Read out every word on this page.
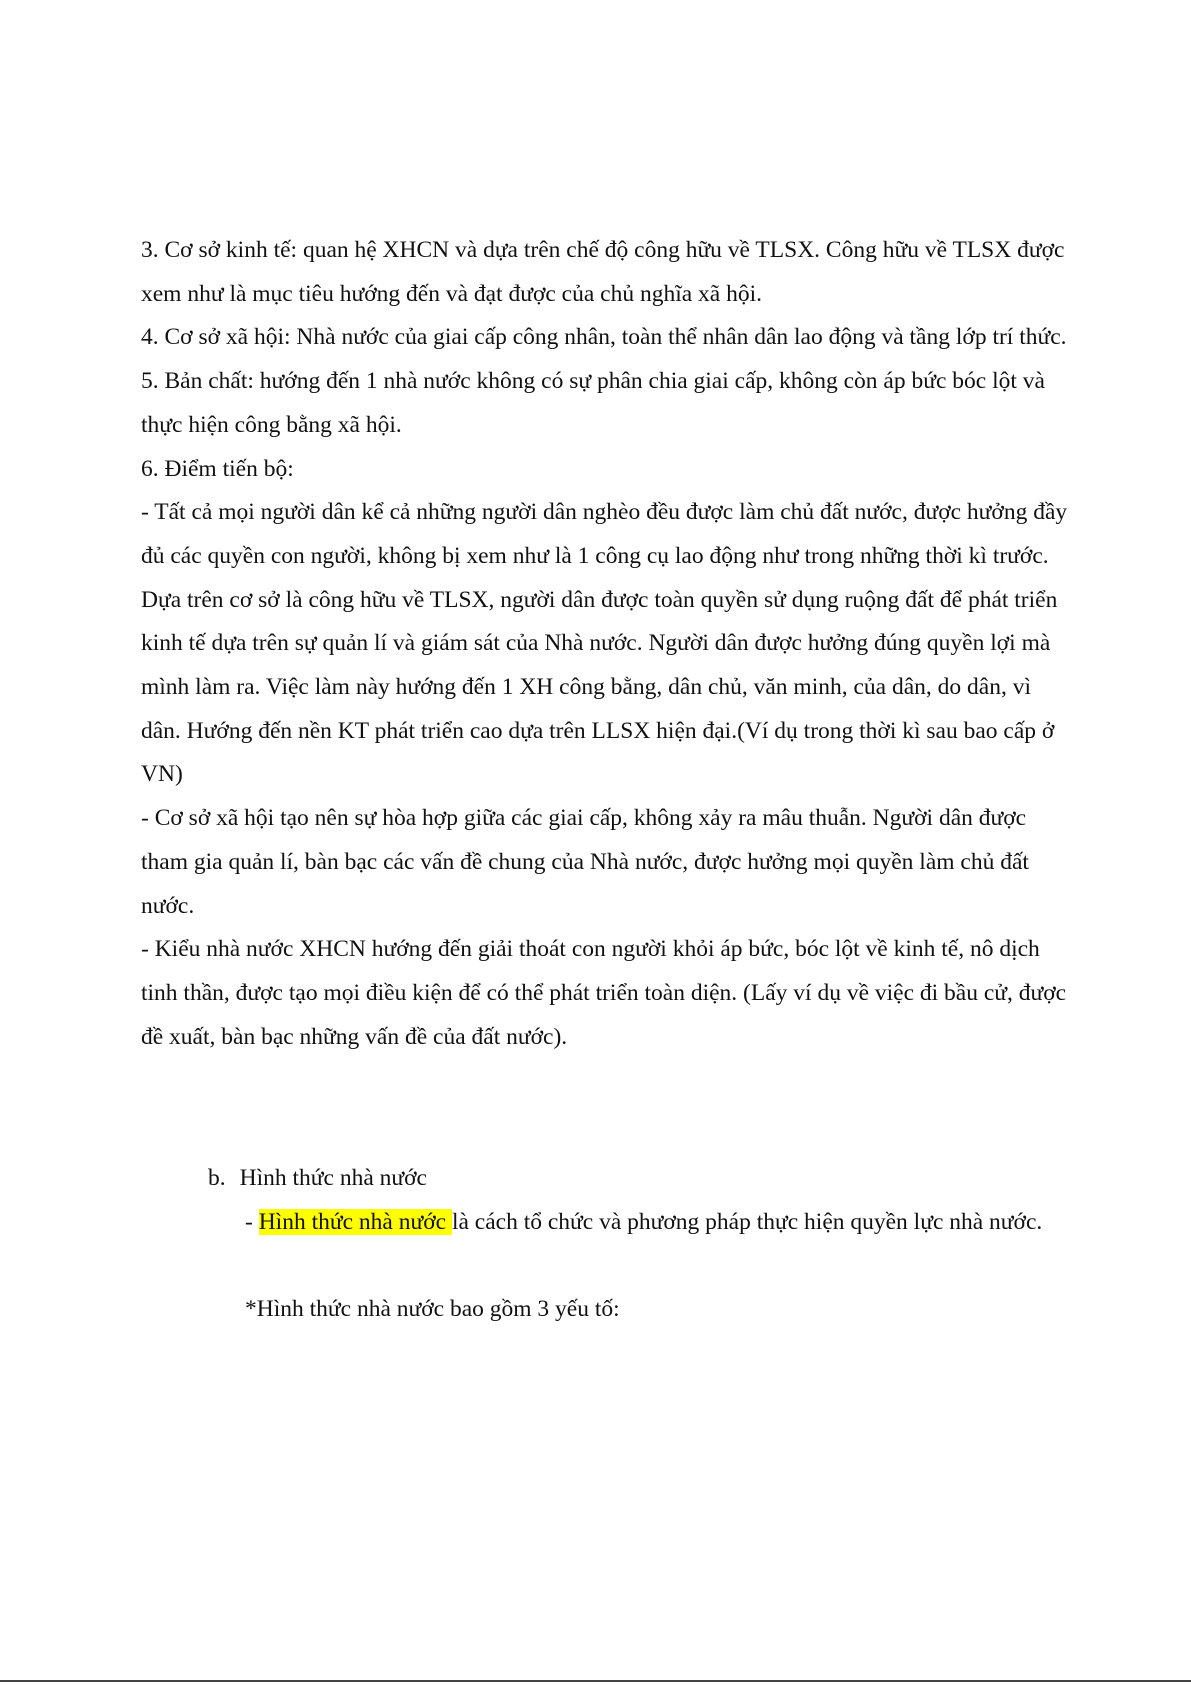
3. Cơ sở kinh tế: quan hệ XHCN và dựa trên chế độ công hữu về TLSX. Công hữu về TLSX được xem như là mục tiêu hướng đến và đạt được của chủ nghĩa xã hội.

4. Cơ sở xã hội: Nhà nước của giai cấp công nhân, toàn thể nhân dân lao động và tầng lớp trí thức.

5. Bản chất: hướng đến 1 nhà nước không có sự phân chia giai cấp, không còn áp bức bóc lột và thực hiện công bằng xã hội.

6. Điểm tiến bộ:

- Tất cả mọi người dân kể cả những người dân nghèo đều được làm chủ đất nước, được hưởng đầy đủ các quyền con người, không bị xem như là 1 công cụ lao động như trong những thời kì trước. Dựa trên cơ sở là công hữu về TLSX, người dân được toàn quyền sử dụng ruộng đất để phát triển kinh tế dựa trên sự quản lí và giám sát của Nhà nước. Người dân được hưởng đúng quyền lợi mà mình làm ra. Việc làm này hướng đến 1 XH công bằng, dân chủ, văn minh, của dân, do dân, vì dân. Hướng đến nền KT phát triển cao dựa trên LLSX hiện đại.(Ví dụ trong thời kì sau bao cấp ở VN)

- Cơ sở xã hội tạo nên sự hòa hợp giữa các giai cấp, không xảy ra mâu thuẫn. Người dân được tham gia quản lí, bàn bạc các vấn đề chung của Nhà nước, được hưởng mọi quyền làm chủ đất nước.

- Kiểu nhà nước XHCN hướng đến giải thoát con người khỏi áp bức, bóc lột về kinh tế, nô dịch tinh thần, được tạo mọi điều kiện để có thể phát triển toàn diện. (Lấy ví dụ về việc đi bầu cử, được đề xuất, bàn bạc những vấn đề của đất nước).

b. Hình thức nhà nước

- Hình thức nhà nước là cách tổ chức và phương pháp thực hiện quyền lực nhà nước.

*Hình thức nhà nước bao gồm 3 yếu tố:
